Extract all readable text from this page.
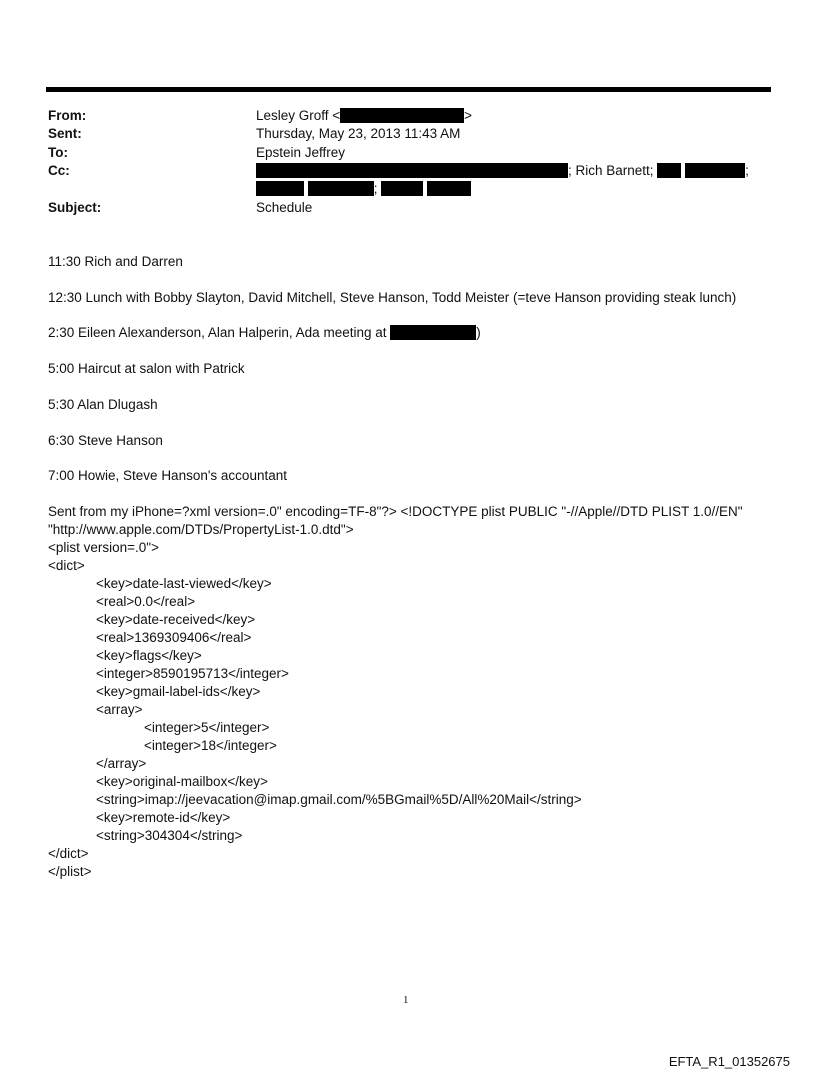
From:	Lesley Groff <	>
Sent:	Thursday, May 23, 2013 11:43 AM
To:	Epstein Jeffrey
Cc:	; Rich Barnett;	;
;
Subject:	Schedule
11:30 Rich and Darren
12:30 Lunch with Bobby Slayton, David Mitchell, Steve Hanson, Todd Meister (=teve Hanson providing steak lunch)
2:30 Eileen Alexanderson, Alan Halperin, Ada meeting at	)
5:00 Haircut at salon with Patrick
5:30 Alan Dlugash
6:30 Steve Hanson
7:00 Howie, Steve Hanson's accountant
Sent from my iPhone=?xml version=.0" encoding=TF-8"?> <!DOCTYPE plist PUBLIC "-//Apple//DTD PLIST 1.0//EN"
"http://www.apple.com/DTDs/PropertyList-1.0.dtd">
<plist version=.0">
<dict>
<key>date-last-viewed</key>
<real>0.0</real>
<key>date-received</key>
<real>1369309406</real>
<key>flags</key>
<integer>8590195713</integer>
<key>gmail-label-ids</key>
<array>
<integer>5</integer>
<integer>18</integer>
</array>
<key>original-mailbox</key>
<string>imap://jeevacation@imap.gmail.com/%5BGmail%5D/All%20Mail</string>
<key>remote-id</key>
<string>304304</string>
</dict>
</plist>
1
EFTA_R1_01352675
